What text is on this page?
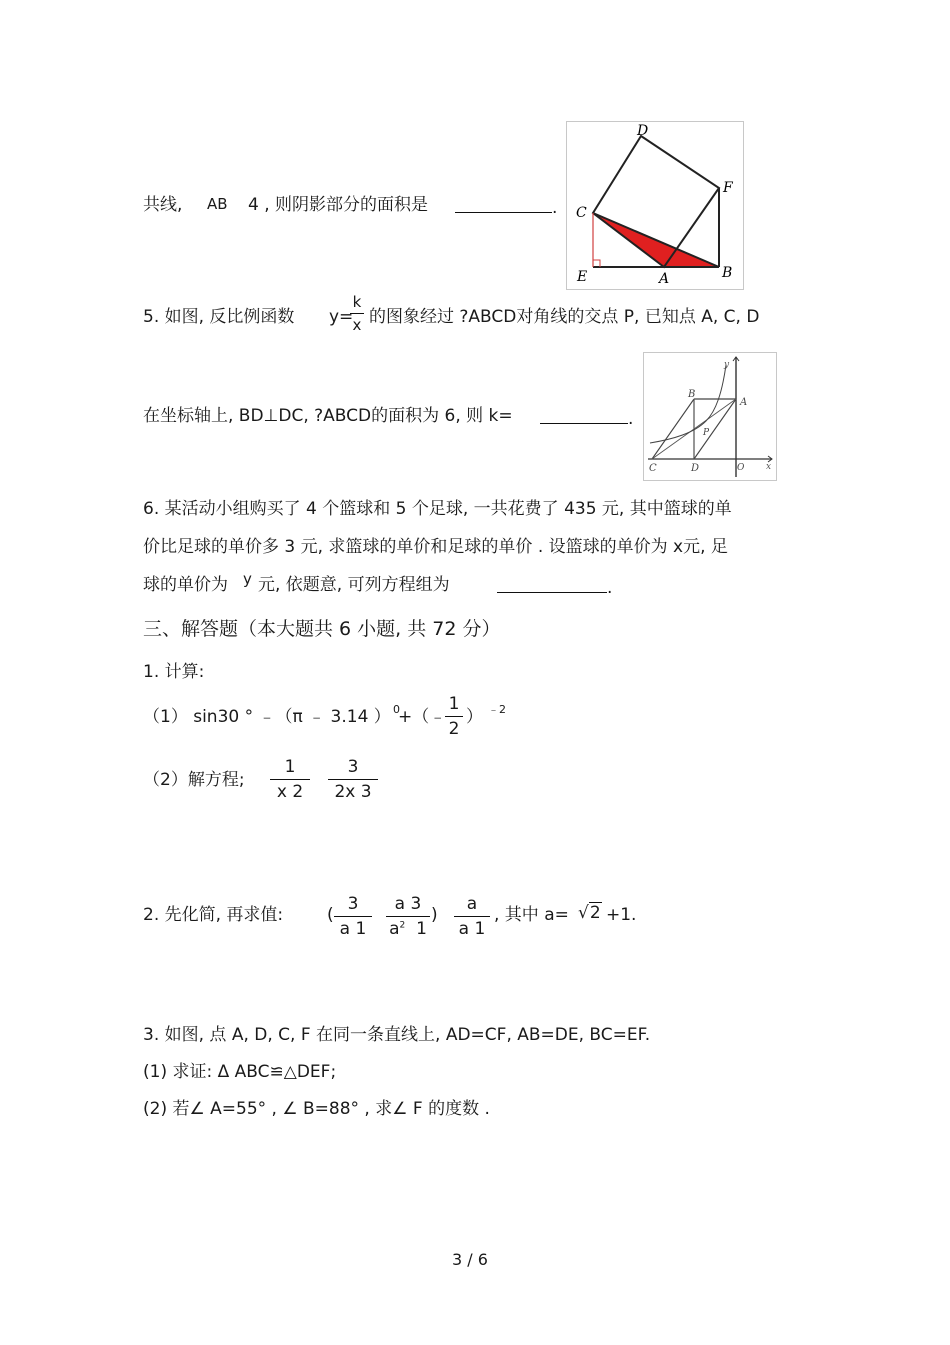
共线, AB 4 , 则阴影部分的面积是	.
D
F
C
E	A	B
5. 如图, 反比例函数 y=
k
x 的图象经过 ?ABCD对角线的交点 P, 已知点 A, C, D
在坐标轴上, BD⊥DC, ?ABCD的面积为 6, 则 k=	.
y
B
A
P
C	D	O x
6. 某活动小组购买了 4 个篮球和 5 个足球, 一共花费了 435 元, 其中篮球的单
价比足球的单价多 3 元, 求篮球的单价和足球的单价 . 设篮球的单价为 x元, 足
球的单价为 y 元, 依题意, 可列方程组为	.
三、解答题（本大题共 6 小题, 共 72 分）
1. 计算:
（1） sin30 ° ﹣（π ﹣ 3.14 ） 0
+（﹣
1
2
） ﹣2
（2）解方程;
1
x 2
3
2x 3
2. 先化简, 再求值:	(
3
a 1
a 3
$a^2$ 1
)
a
a 1
, 其中 a= √2 +1.
3. 如图, 点 A, D, C, F 在同一条直线上, AD=CF, AB=DE, BC=EF.
(1) 求证: Δ ABC≌△DEF;
(2) 若∠ A=55° , ∠ B=88° , 求∠ F 的度数 .
3 / 6
